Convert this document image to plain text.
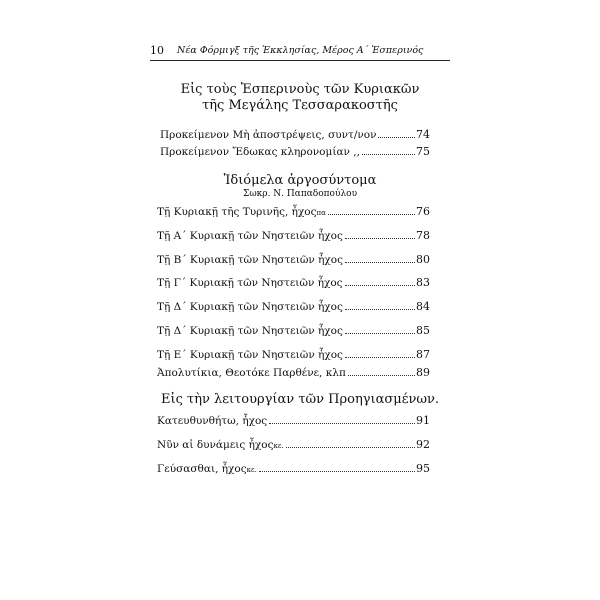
10 Νέα Φόρμιγξ τῆς Ἐκκλησίας, Μέρος Α΄ Ἑσπερινός
Εἰς τοὺς Ἑσπερινοὺς τῶν Κυριακῶν
τῆς Μεγάλης Τεσσαρακοστῆς
Προκείμενον Μὴ ἀποστρέψεις, συντ/νον	74
Προκείμενον Ἔδωκας κληρονομίαν ,,	75
Ἰδιόμελα ἀργοσύντομα
Σωκρ. Ν. Παπαδοπούλου
Τῇ Κυριακῇ τῆς Τυρινῆς, ἦχος πα	76
Τῇ Α΄ Κυριακῇ τῶν Νηστειῶν ἦχος	78
Τῇ Β΄ Κυριακῇ τῶν Νηστειῶν ἦχος	80
Τῇ Γ΄ Κυριακῇ τῶν Νηστειῶν ἦχος	83
Τῇ Δ΄ Κυριακῇ τῶν Νηστειῶν ἦχος	84
Τῇ Δ΄ Κυριακῇ τῶν Νηστειῶν ἦχος	85
Τῇ Ε΄ Κυριακῇ τῶν Νηστειῶν ἦχος	87
Ἀπολυτίκια, Θεοτόκε Παρθένε, κλπ	89
Εἰς τὴν λειτουργίαν τῶν Προηγιασμένων.
Κατευθυνθήτω, ἦχος	91
Νῦν αἱ δυνάμεις ἦχος κε.	92
Γεύσασθαι, ἦχος κε.	95
